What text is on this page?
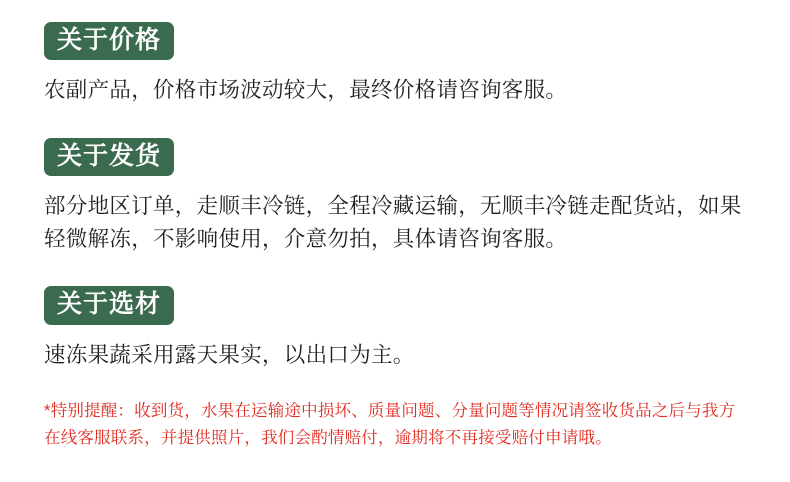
关于价格
农副产品，价格市场波动较大，最终价格请咨询客服。
关于发货
部分地区订单，走顺丰冷链，全程冷藏运输，无顺丰冷链走配货站，如果轻微解冻，不影响使用，介意勿拍，具体请咨询客服。
关于选材
速冻果蔬采用露天果实，以出口为主。
*特别提醒：收到货，水果在运输途中损坏、质量问题、分量问题等情况请签收货品之后与我方在线客服联系，并提供照片，我们会酌情赔付，逾期将不再接受赔付申请哦。
